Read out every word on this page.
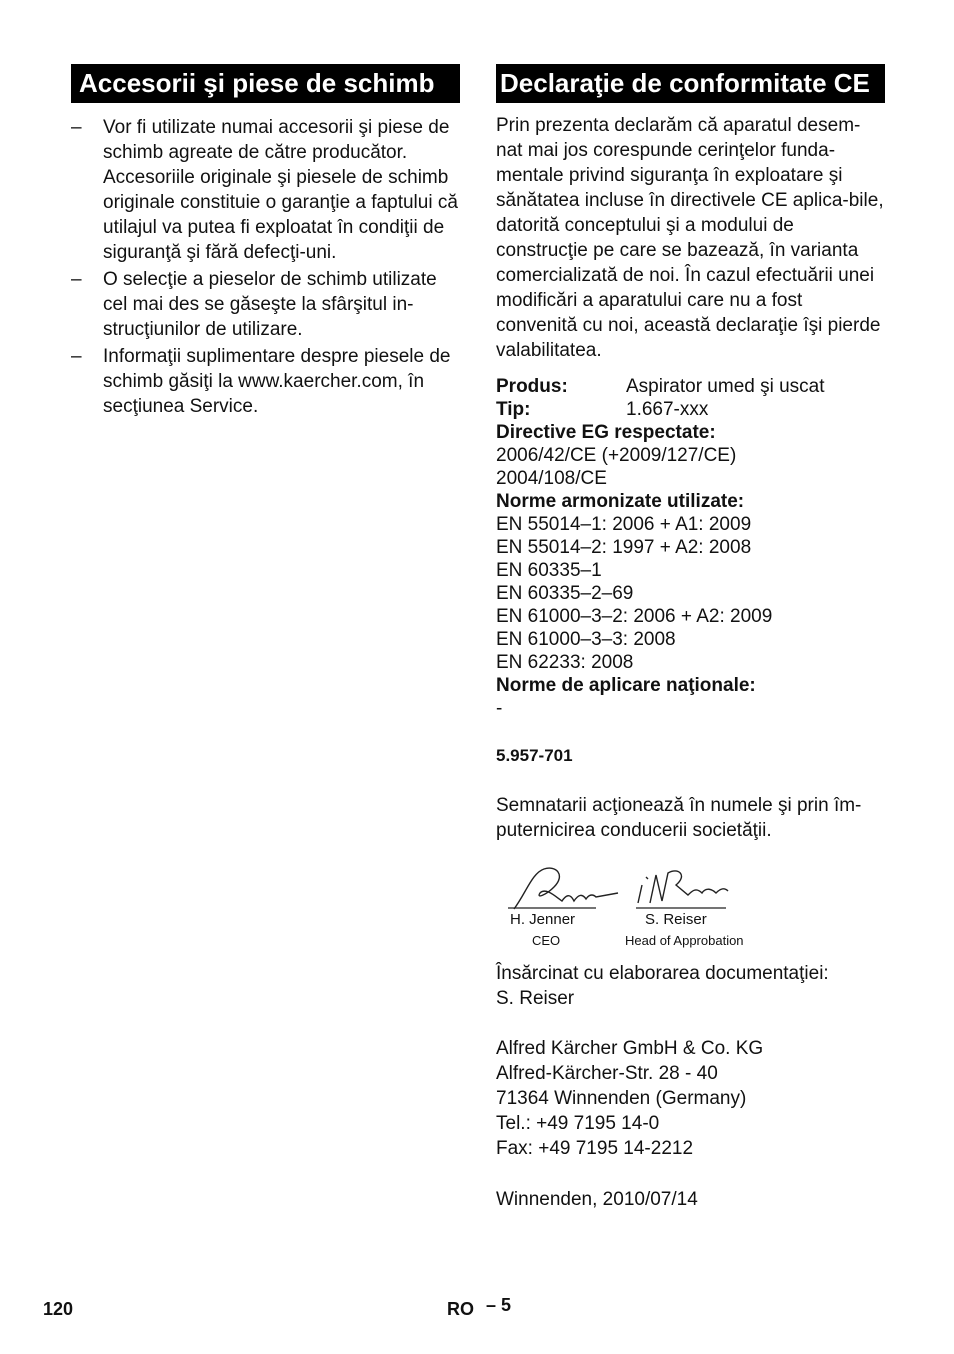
Accesorii şi piese de schimb
– Vor fi utilizate numai accesorii şi piese de schimb agreate de către producător. Accesoriile originale şi piesele de schimb originale constituie o garanţie a faptului că utilajul va putea fi exploatat în condiţii de siguranţă şi fără defecţi-uni.
– O selecţie a pieselor de schimb utilizate cel mai des se găseşte la sfârşitul in-strucţiunilor de utilizare.
– Informaţii suplimentare despre piesele de schimb găsiţi la www.kaercher.com, în secţiunea Service.
Declaraţie de conformitate CE

Prin prezenta declarăm că aparatul desem-nat mai jos corespunde cerinţelor funda-mentale privind siguranţa în exploatare şi sănătatea incluse în directivele CE aplica-bile, datorită conceptului şi a modului de construcţie pe care se bazează, în varianta comercializată de noi. În cazul efectuării unei modificări a aparatului care nu a fost convenită cu noi, această declaraţie îşi pierde valabilitatea.

Produs:	Aspirator umed şi uscat
Tip:	1.667-xxx
Directive EG respectate:
2006/42/CE (+2009/127/CE)
2004/108/CE
Norme armonizate utilizate:
EN 55014–1: 2006 + A1: 2009
EN 55014–2: 1997 + A2: 2008
EN 60335–1
EN 60335–2–69
EN 61000–3–2: 2006 + A2: 2009
EN 61000–3–3: 2008
EN 62233: 2008
Norme de aplicare naţionale:
-
5.957-701

Semnatarii acţionează în numele şi prin îm-puternicirea conducerii societăţii.

H. Jenner
CEO
S. Reiser
Head of Approbation
Însărcinat cu elaborarea documentaţiei:
S. Reiser
Alfred Kärcher GmbH & Co. KG
Alfred-Kärcher-Str. 28 - 40
71364 Winnenden (Germany)
Tel.: +49 7195 14-0
Fax: +49 7195 14-2212
Winnenden, 2010/07/14
120	RO – 5
